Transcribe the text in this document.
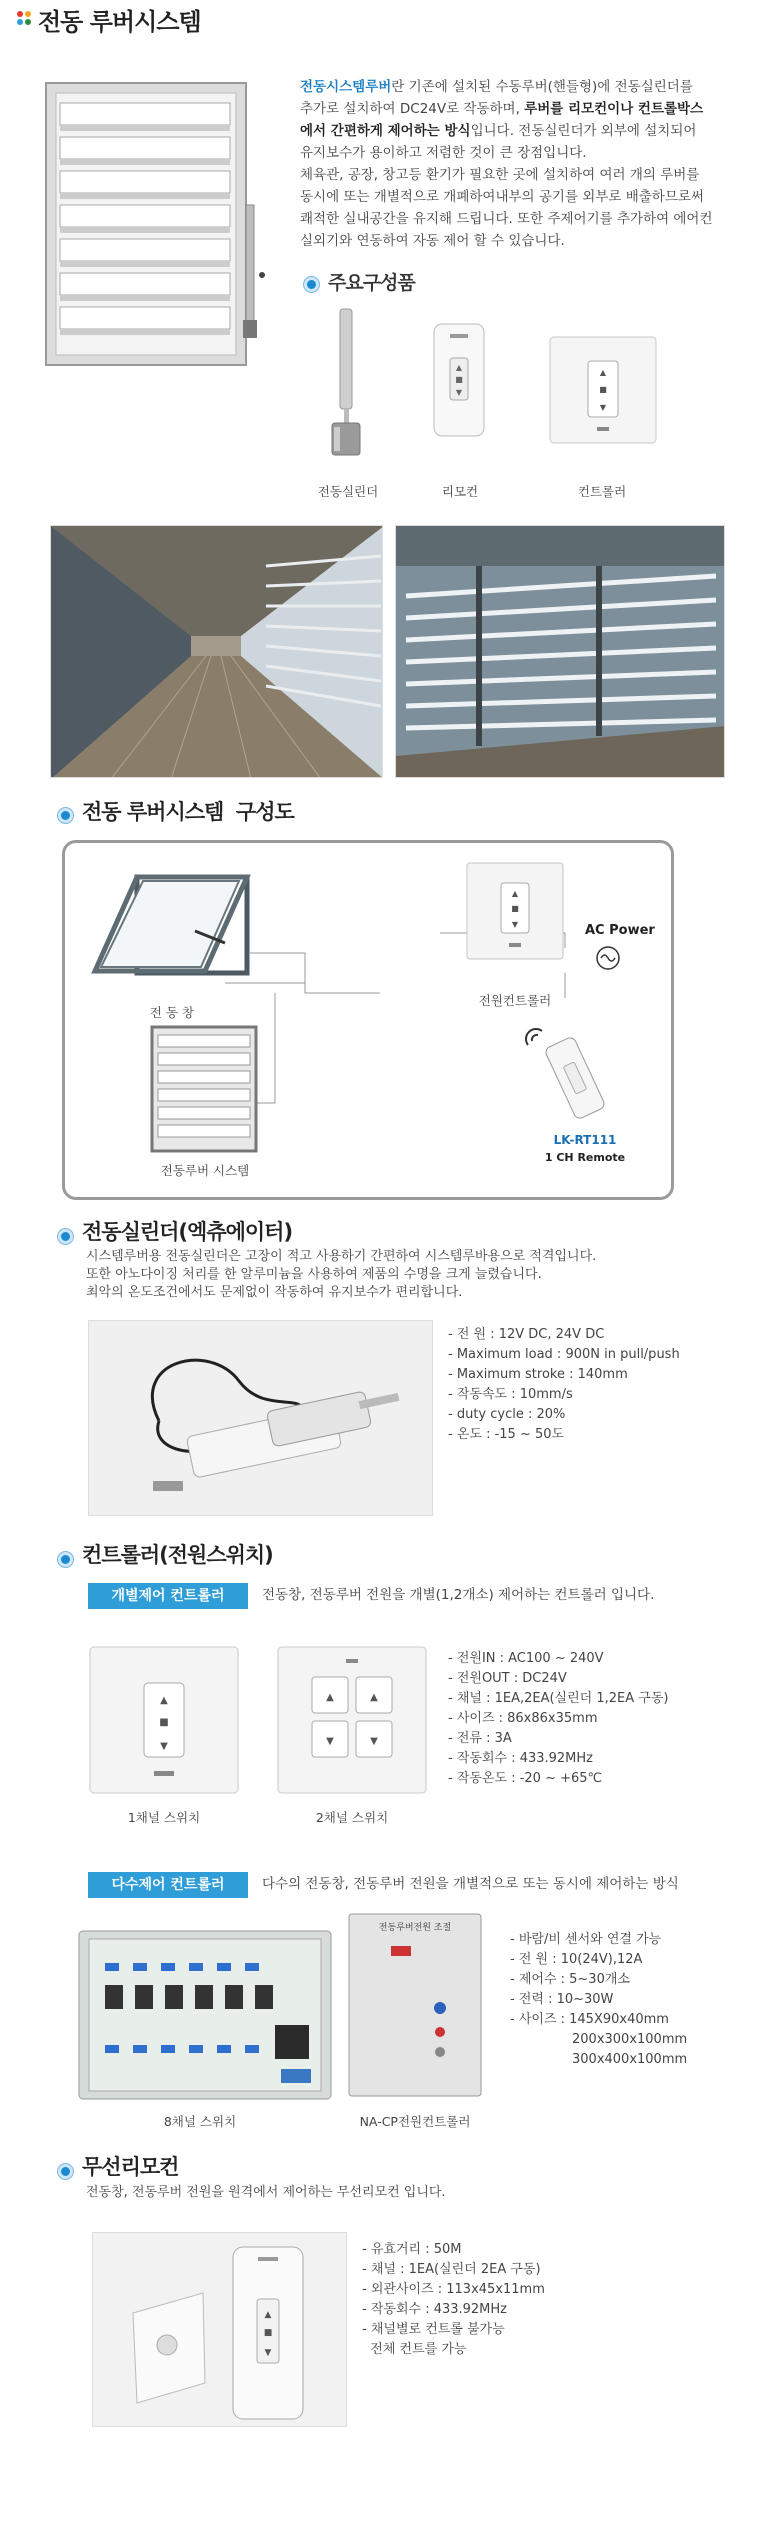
전동 루버시스템
전동시스템루버란 기존에 설치된 수동루버(핸들형)에 전동실린더를
추가로 설치하여 DC24V로 작동하며, 루버를 리모컨이나 컨트롤박스
에서 간편하게 제어하는 방식입니다. 전동실린더가 외부에 설치되어
유지보수가 용이하고 저렴한 것이 큰 장점입니다.
체육관, 공장, 창고등 환기가 필요한 곳에 설치하여 여러 개의 루버를
동시에 또는 개별적으로 개폐하여내부의 공기를 외부로 배출하므로써
쾌적한 실내공간을 유지해 드립니다. 또한 주제어기를 추가하여 에어컨
실외기와 연동하여 자동 제어 할 수 있습니다.
주요구성품
▲
■
▼
▲
■
▼
전동실린더	리모컨	컨트롤러
전동 루버시스템  구성도
전 동 창
전동루버 시스템
▲
■
▼
전원컨트롤러
AC Power
LK-RT111
1 CH Remote
전동실린더(엑츄에이터)
시스템루버용 전동실린더은 고장이 적고 사용하기 간편하여 시스템루바용으로 적격입니다.
또한 아노다이징 처리를 한 알루미늄을 사용하여 제품의 수명을 크게 늘렸습니다.
최악의 온도조건에서도 문제없이 작동하여 유지보수가 편리합니다.
- 전 원 : 12V DC, 24V DC
- Maximum load : 900N in pull/push
- Maximum stroke : 140mm
- 작동속도 : 10mm/s
- duty cycle : 20%
- 온도 : -15 ~ 50도
컨트롤러(전원스위치)
개별제어 컨트롤러	전동창, 전동루버 전원을 개별(1,2개소) 제어하는 컨트롤러 입니다.
▲
■
▼
▲	▲
▼	▼
1채널 스위치	2채널 스위치
- 전원IN : AC100 ~ 240V
- 전원OUT : DC24V
- 채널 : 1EA,2EA(실린더 1,2EA 구동)
- 사이즈 : 86x86x35mm
- 전류 : 3A
- 작동회수 : 433.92MHz
- 작동온도 : -20 ~ +65℃
다수제어 컨트롤러	다수의 전동창, 전동루버 전원을 개별적으로 또는 동시에 제어하는 방식
전동루버전원 조절
8채널 스위치	NA-CP전원컨트롤러
- 바람/비 센서와 연결 가능
- 전 원 : 10(24V),12A
- 제어수 : 5~30개소
- 전력 : 10~30W
- 사이즈 : 145X90x40mm
200x300x100mm
300x400x100mm
무선리모컨
전동창, 전동루버 전원을 원격에서 제어하는 무선리모컨 입니다.
▲
■
▼
- 유효거리 : 50M
- 채널 : 1EA(실린더 2EA 구동)
- 외관사이즈 : 113x45x11mm
- 작동회수 : 433.92MHz
- 채널별로 컨트롤 불가능
전체 컨트를 가능
